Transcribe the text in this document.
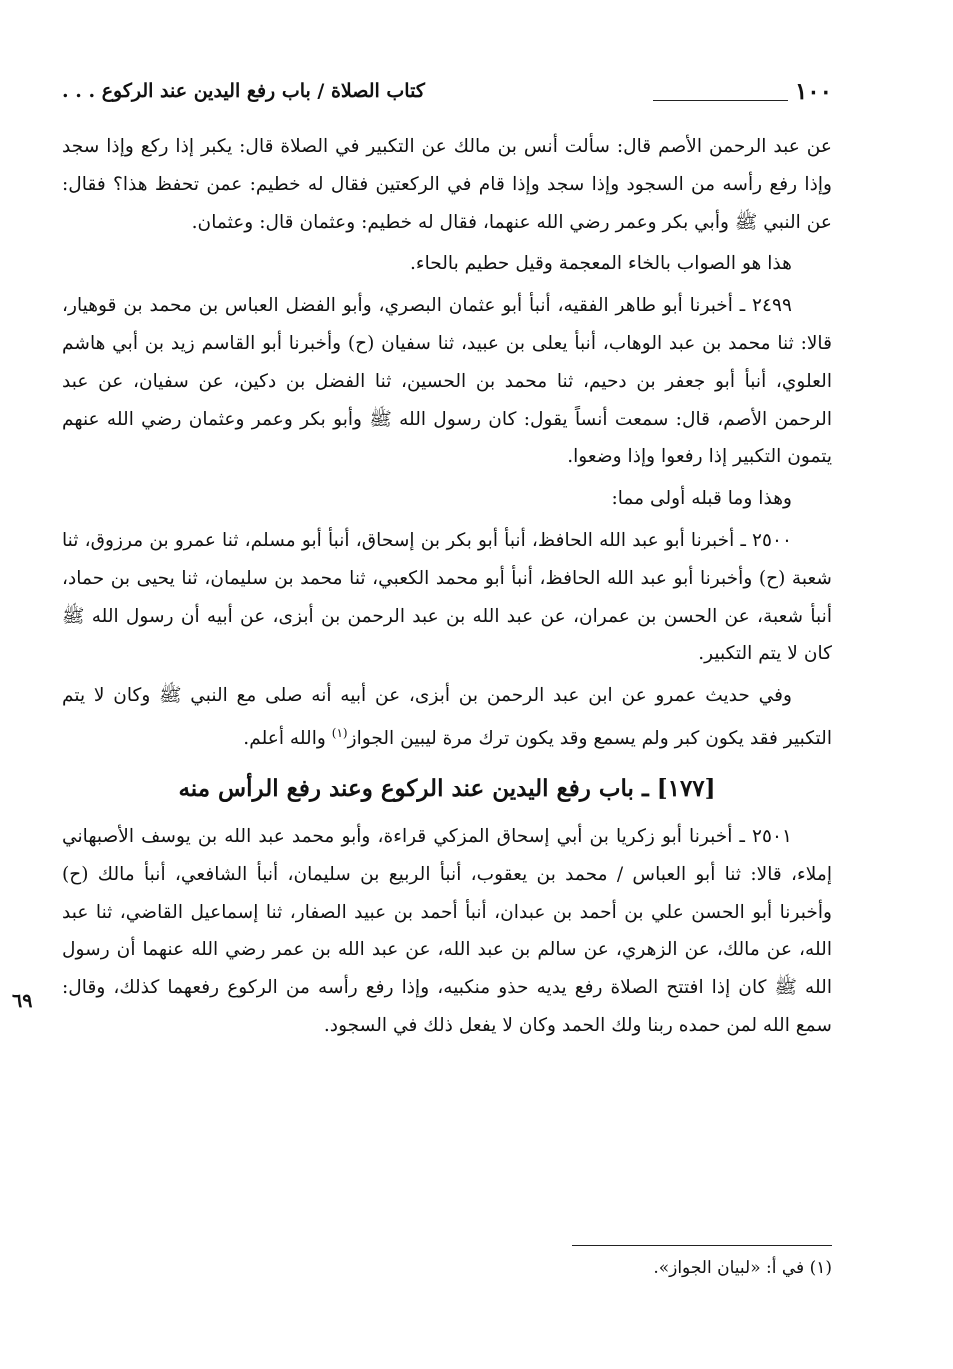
١٠٠
كتاب الصلاة / باب رفع اليدين عند الركوع . . .

عن عبد الرحمن الأصم قال: سألت أنس بن مالك عن التكبير في الصلاة قال: يكبر إذا ركع وإذا سجد وإذا رفع رأسه من السجود وإذا سجد وإذا قام في الركعتين فقال له خطيم: عمن تحفظ هذا؟ فقال: عن النبي ﷺ وأبي بكر وعمر رضي الله عنهما، فقال له خطيم: وعثمان قال: وعثمان.

هذا هو الصواب بالخاء المعجمة وقيل حطيم بالحاء.

٢٤٩٩ ـ أخبرنا أبو طاهر الفقيه، أنبأ أبو عثمان البصري، وأبو الفضل العباس بن محمد بن قوهيار، قالا: ثنا محمد بن عبد الوهاب، أنبأ يعلى بن عبيد، ثنا سفيان (ح) وأخبرنا أبو القاسم زيد بن أبي هاشم العلوي، أنبأ أبو جعفر بن دحيم، ثنا محمد بن الحسين، ثنا الفضل بن دكين، عن سفيان، عن عبد الرحمن الأصم، قال: سمعت أنساً يقول: كان رسول الله ﷺ وأبو بكر وعمر وعثمان رضي الله عنهم يتمون التكبير إذا رفعوا وإذا وضعوا.

وهذا وما قبله أولى مما:

٢٥٠٠ ـ أخبرنا أبو عبد الله الحافظ، أنبأ أبو بكر بن إسحاق، أنبأ أبو مسلم، ثنا عمرو بن مرزوق، ثنا شعبة (ح) وأخبرنا أبو عبد الله الحافظ، أنبأ أبو محمد الكعبي، ثنا محمد بن سليمان، ثنا يحيى بن حماد، أنبأ شعبة، عن الحسن بن عمران، عن عبد الله بن عبد الرحمن بن أبزى، عن أبيه أن رسول الله ﷺ كان لا يتم التكبير.

وفي حديث عمرو عن ابن عبد الرحمن بن أبزى، عن أبيه أنه صلى مع النبي ﷺ وكان لا يتم التكبير فقد يكون كبر ولم يسمع وقد يكون ترك مرة ليبين الجواز$^{(١)}$ والله أعلم.

[١٧٧] ـ باب رفع اليدين عند الركوع وعند رفع الرأس منه

٢٥٠١ ـ أخبرنا أبو زكريا بن أبي إسحاق المزكي قراءة، وأبو محمد عبد الله بن يوسف الأصبهاني إملاء، قالا: ثنا أبو العباس / محمد بن يعقوب، أنبأ الربيع بن سليمان، أنبأ الشافعي، أنبأ مالك (ح) وأخبرنا أبو الحسن علي بن أحمد بن عبدان، أنبأ أحمد بن عبيد الصفار، ثنا إسماعيل القاضي، ثنا عبد الله، عن مالك، عن الزهري، عن سالم بن عبد الله، عن عبد الله بن عمر رضي الله عنهما أن رسول الله ﷺ كان إذا افتتح الصلاة رفع يديه حذو منكبيه، وإذا رفع رأسه من الركوع رفعهما كذلك، وقال: سمع الله لمن حمده ربنا ولك الحمد وكان لا يفعل ذلك في السجود.

٦٩
(١) في أ: «لبيان الجواز».
